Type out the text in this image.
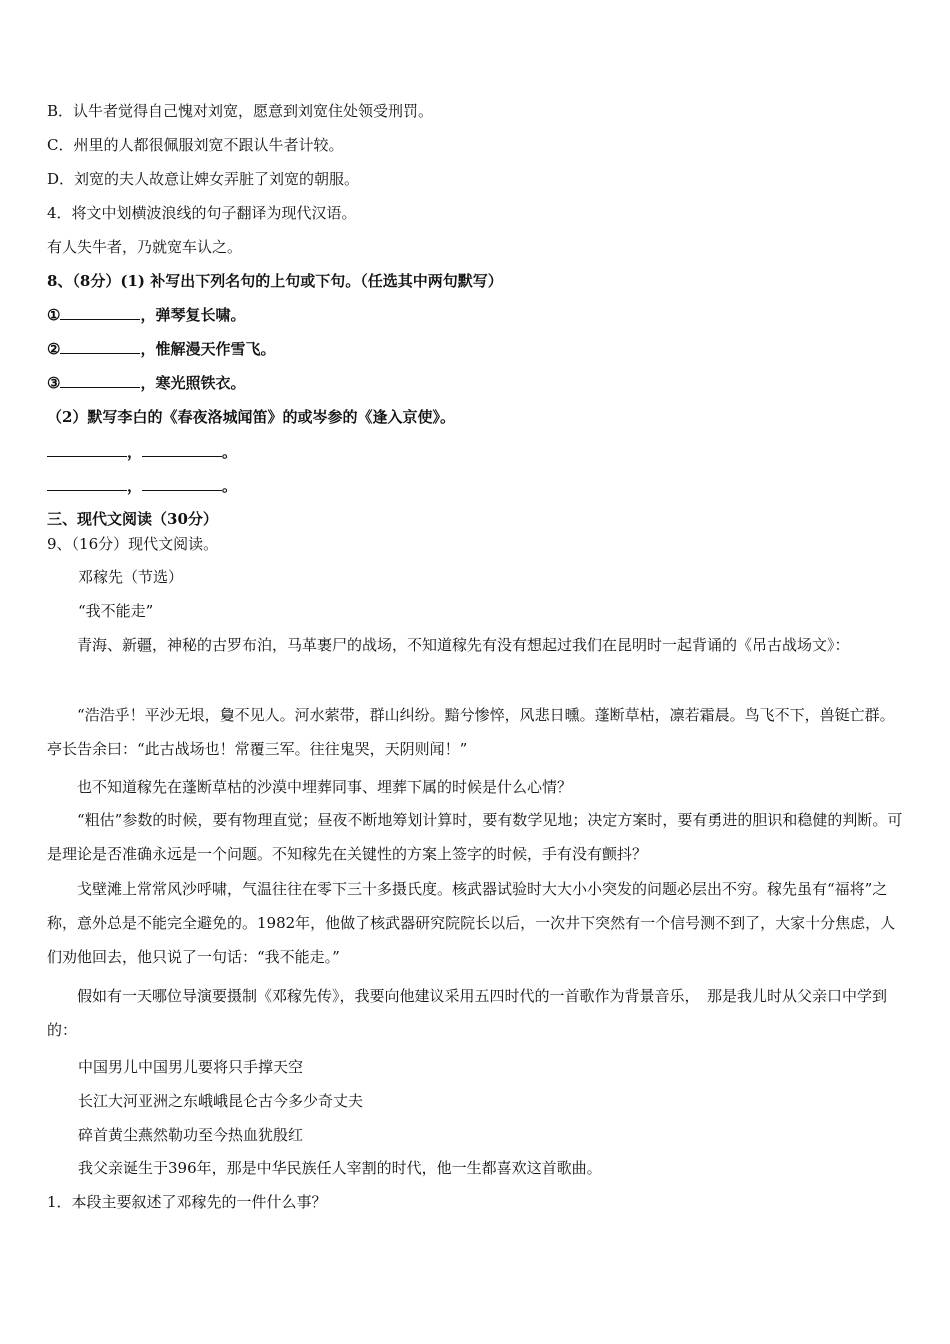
B．认牛者觉得自己愧对刘宽，愿意到刘宽住处领受刑罚。
C．州里的人都很佩服刘宽不跟认牛者计较。
D．刘宽的夫人故意让婢女弄脏了刘宽的朝服。
4．将文中划横波浪线的句子翻译为现代汉语。
有人失牛者，乃就宽车认之。
8、（8分）(1) 补写出下列名句的上句或下句。（任选其中两句默写）
①	，弹琴复长啸。
②	，惟解漫天作雪飞。
③	，寒光照铁衣。
（2）默写李白的《春夜洛城闻笛》的或岑参的《逢入京使》。
，	。
，	。
三、现代文阅读（30分）
9、（16分）现代文阅读。
邓稼先（节选）
“我不能走”

青海、新疆，神秘的古罗布泊，马革裹尸的战场，不知道稼先有没有想起过我们在昆明时一起背诵的《吊古战场文》：

“浩浩乎！平沙无垠，敻不见人。河水萦带，群山纠纷。黯兮惨悴，风悲日曛。蓬断草枯，凛若霜晨。鸟飞不下，兽铤亡群。亭长告余曰：“此古战场也！常覆三军。往往鬼哭，天阴则闻！”

也不知道稼先在蓬断草枯的沙漠中埋葬同事、埋葬下属的时候是什么心情？

“粗估”参数的时候，要有物理直觉；昼夜不断地筹划计算时，要有数学见地；决定方案时，要有勇进的胆识和稳健的判断。可是理论是否准确永远是一个问题。不知稼先在关键性的方案上签字的时候，手有没有颤抖？

戈壁滩上常常风沙呼啸，气温往往在零下三十多摄氏度。核武器试验时大大小小突发的问题必层出不穷。稼先虽有“福将”之称，意外总是不能完全避免的。1982年，他做了核武器研究院院长以后，一次井下突然有一个信号测不到了，大家十分焦虑，人们劝他回去，他只说了一句话：“我不能走。”

假如有一天哪位导演要摄制《邓稼先传》，我要向他建议采用五四时代的一首歌作为背景音乐，　那是我儿时从父亲口中学到的：

中国男儿中国男儿要将只手撑天空
长江大河亚洲之东峨峨昆仑古今多少奇丈夫
碎首黄尘燕然勒功至今热血犹殷红
我父亲诞生于396年，那是中华民族任人宰割的时代，他一生都喜欢这首歌曲。
1．本段主要叙述了邓稼先的一件什么事？
